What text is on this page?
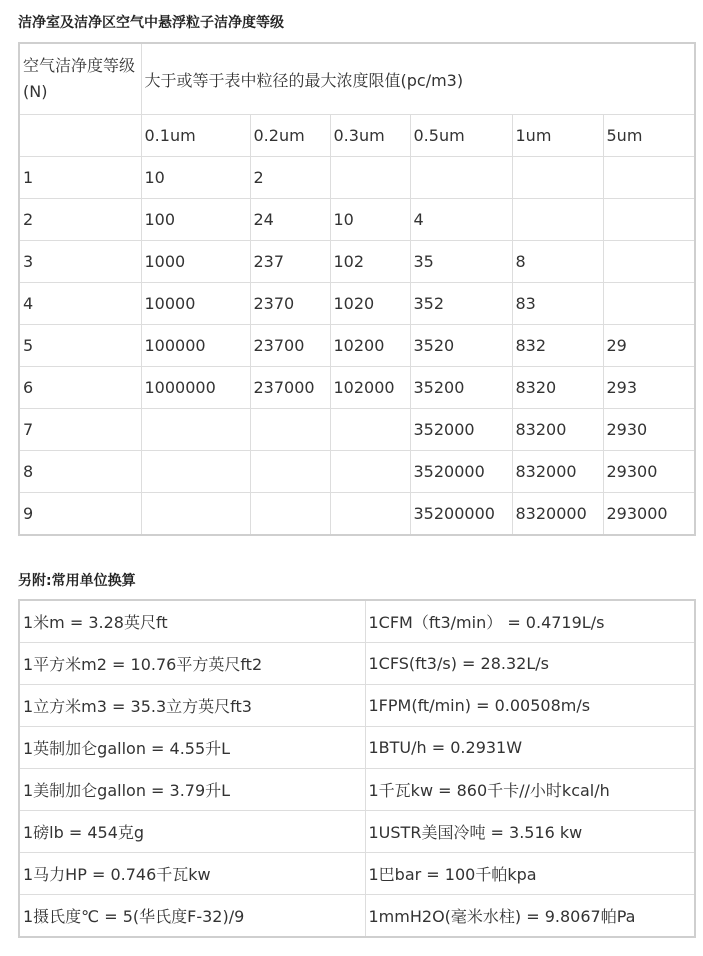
洁净室及洁净区空气中悬浮粒子洁净度等级
空气洁净度等级(N)	大于或等于表中粒径的最大浓度限值(pc/m3)					
	0.1um	0.2um	0.3um	0.5um	1um	5um
1	10	2				
2	100	24	10	4		
3	1000	237	102	35	8	
4	10000	2370	1020	352	83	
5	100000	23700	10200	3520	832	29
6	1000000	237000	102000	35200	8320	293
7				352000	83200	2930
8				3520000	832000	29300
9				35200000	8320000	293000
另附:常用单位换算
1米m = 3.28英尺ft	1CFM（ft3/min） = 0.4719L/s
1平方米m2 = 10.76平方英尺ft2	1CFS(ft3/s) = 28.32L/s
1立方米m3 = 35.3立方英尺ft3	1FPM(ft/min) = 0.00508m/s
1英制加仑gallon = 4.55升L	1BTU/h = 0.2931W
1美制加仑gallon = 3.79升L	1千瓦kw = 860千卡//小时kcal/h
1磅lb = 454克g	1USTR美国冷吨 = 3.516 kw
1马力HP = 0.746千瓦kw	1巴bar = 100千帕kpa
1摄氏度℃ = 5(华氏度F-32)/9	1mmH2O(毫米水柱) = 9.8067帕Pa
